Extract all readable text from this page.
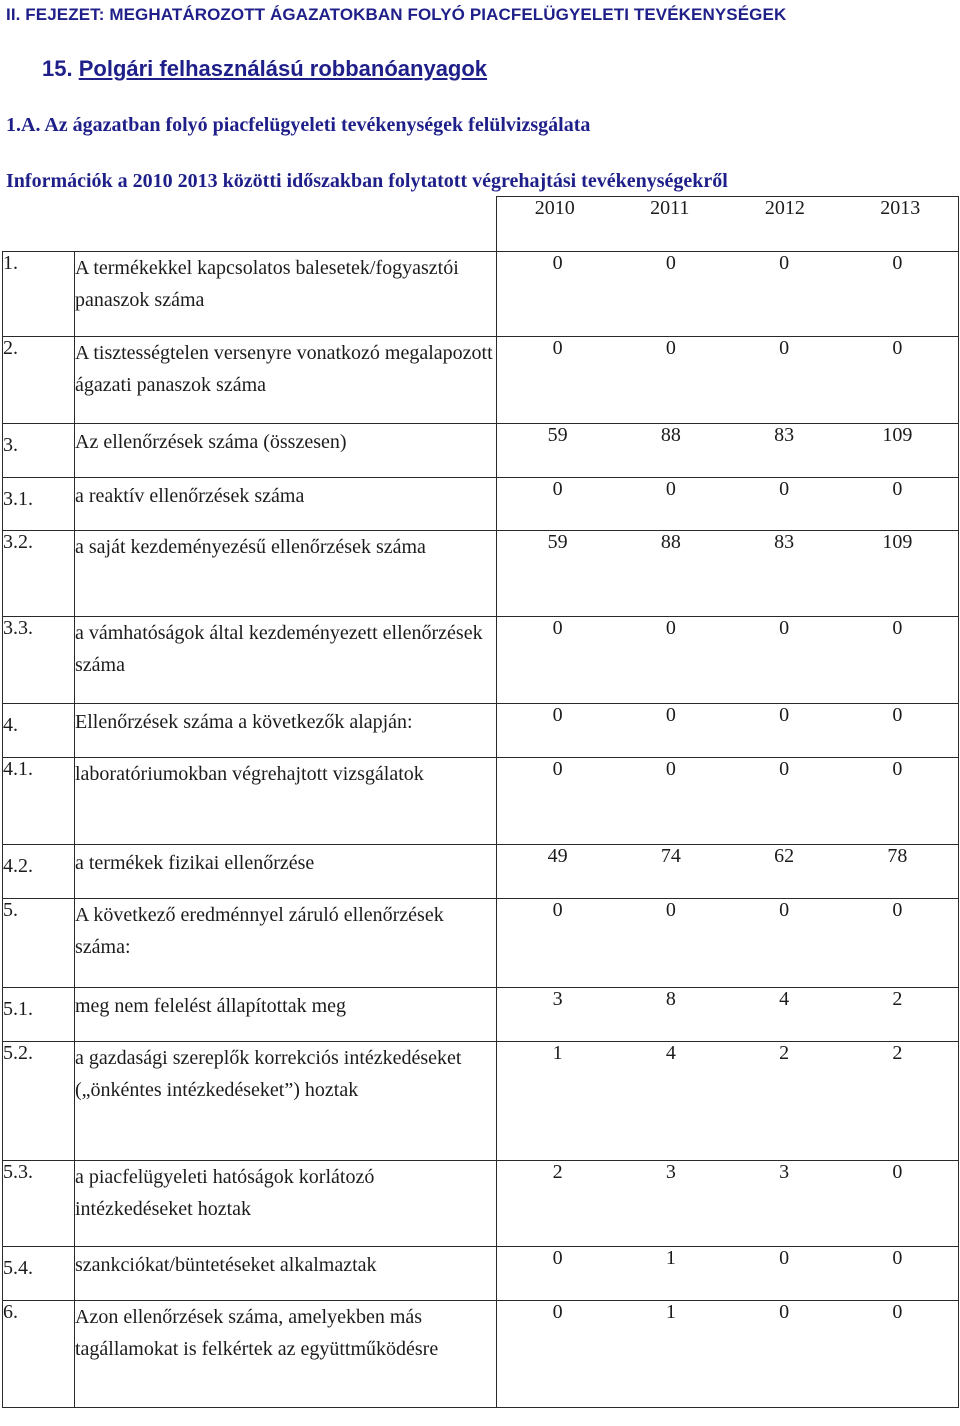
II. FEJEZET: MEGHATÁROZOTT ÁGAZATOKBAN FOLYÓ PIACFELÜGYELETI TEVÉKENYSÉGEK
15. Polgári felhasználású robbanóanyagok
1.A. Az ágazatban folyó piacfelügyeleti tevékenységek felülvizsgálata
Információk a 2010 2013 közötti időszakban folytatott végrehajtási tevékenységekről

		2010 2011 2012 2013

1.	A termékekkel kapcsolatos balesetek/fogyasztói panaszok száma	0 0 0 0

2.	A tisztességtelen versenyre vonatkozó megalapozott ágazati panaszok száma	0 0 0 0

3.	Az ellenőrzések száma (összesen)	59 88 83 109

3.1.	a reaktív ellenőrzések száma	0 0 0 0

3.2.	a saját kezdeményezésű ellenőrzések száma	59 88 83 109

3.3.	a vámhatóságok által kezdeményezett ellenőrzések száma	0 0 0 0

4.	Ellenőrzések száma a következők alapján:	0 0 0 0

4.1.	laboratóriumokban végrehajtott vizsgálatok	0 0 0 0

4.2.	a termékek fizikai ellenőrzése	49 74 62 78

5.	A következő eredménnyel záruló ellenőrzések száma:	0 0 0 0

5.1.	meg nem felelést állapítottak meg	3 8 4 2

5.2.	a gazdasági szereplők korrekciós intézkedéseket („önkéntes intézkedéseket”) hoztak	1 4 2 2

5.3.	a piacfelügyeleti hatóságok korlátozó intézkedéseket hoztak	2 3 3 0

5.4.	szankciókat/büntetéseket alkalmaztak	0 1 0 0

6.	Azon ellenőrzések száma, amelyekben más tagállamokat is felkértek az együttműködésre	0 1 0 0
